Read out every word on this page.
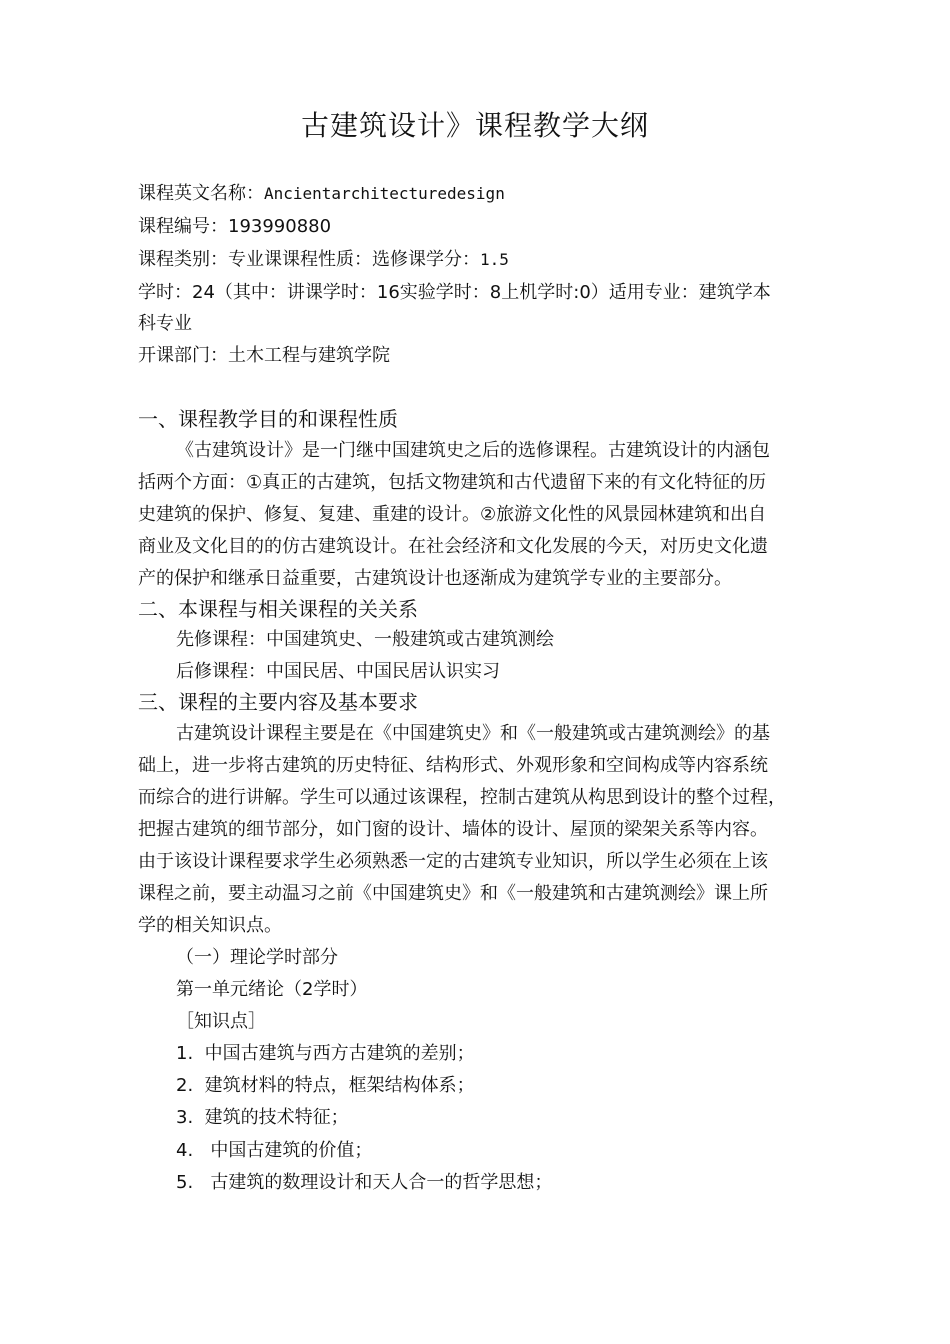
古建筑设计》课程教学大纲
课程英文名称：Ancientarchitecturedesign
课程编号：193990880
课程类别：专业课课程性质：选修课学分：1.5
学时：24（其中：讲课学时：16实验学时：8上机学时:0）适用专业：建筑学本
科专业
开课部门：土木工程与建筑学院
一、课程教学目的和课程性质
《古建筑设计》是一门继中国建筑史之后的选修课程。古建筑设计的内涵包
括两个方面：①真正的古建筑，包括文物建筑和古代遗留下来的有文化特征的历
史建筑的保护、修复、复建、重建的设计。②旅游文化性的风景园林建筑和出自
商业及文化目的的仿古建筑设计。在社会经济和文化发展的今天，对历史文化遗
产的保护和继承日益重要，古建筑设计也逐渐成为建筑学专业的主要部分。
二、本课程与相关课程的关关系
先修课程：中国建筑史、一般建筑或古建筑测绘
后修课程：中国民居、中国民居认识实习
三、课程的主要内容及基本要求
古建筑设计课程主要是在《中国建筑史》和《一般建筑或古建筑测绘》的基
础上，进一步将古建筑的历史特征、结构形式、外观形象和空间构成等内容系统
而综合的进行讲解。学生可以通过该课程，控制古建筑从构思到设计的整个过程，
把握古建筑的细节部分，如门窗的设计、墙体的设计、屋顶的梁架关系等内容。
由于该设计课程要求学生必须熟悉一定的古建筑专业知识，所以学生必须在上该
课程之前，要主动温习之前《中国建筑史》和《一般建筑和古建筑测绘》课上所
学的相关知识点。
（一）理论学时部分
第一单元绪论（2学时）
［知识点］
1. 中国古建筑与西方古建筑的差别；
2. 建筑材料的特点，框架结构体系；
3. 建筑的技术特征；
4. 中国古建筑的价值；
5. 古建筑的数理设计和天人合一的哲学思想；
